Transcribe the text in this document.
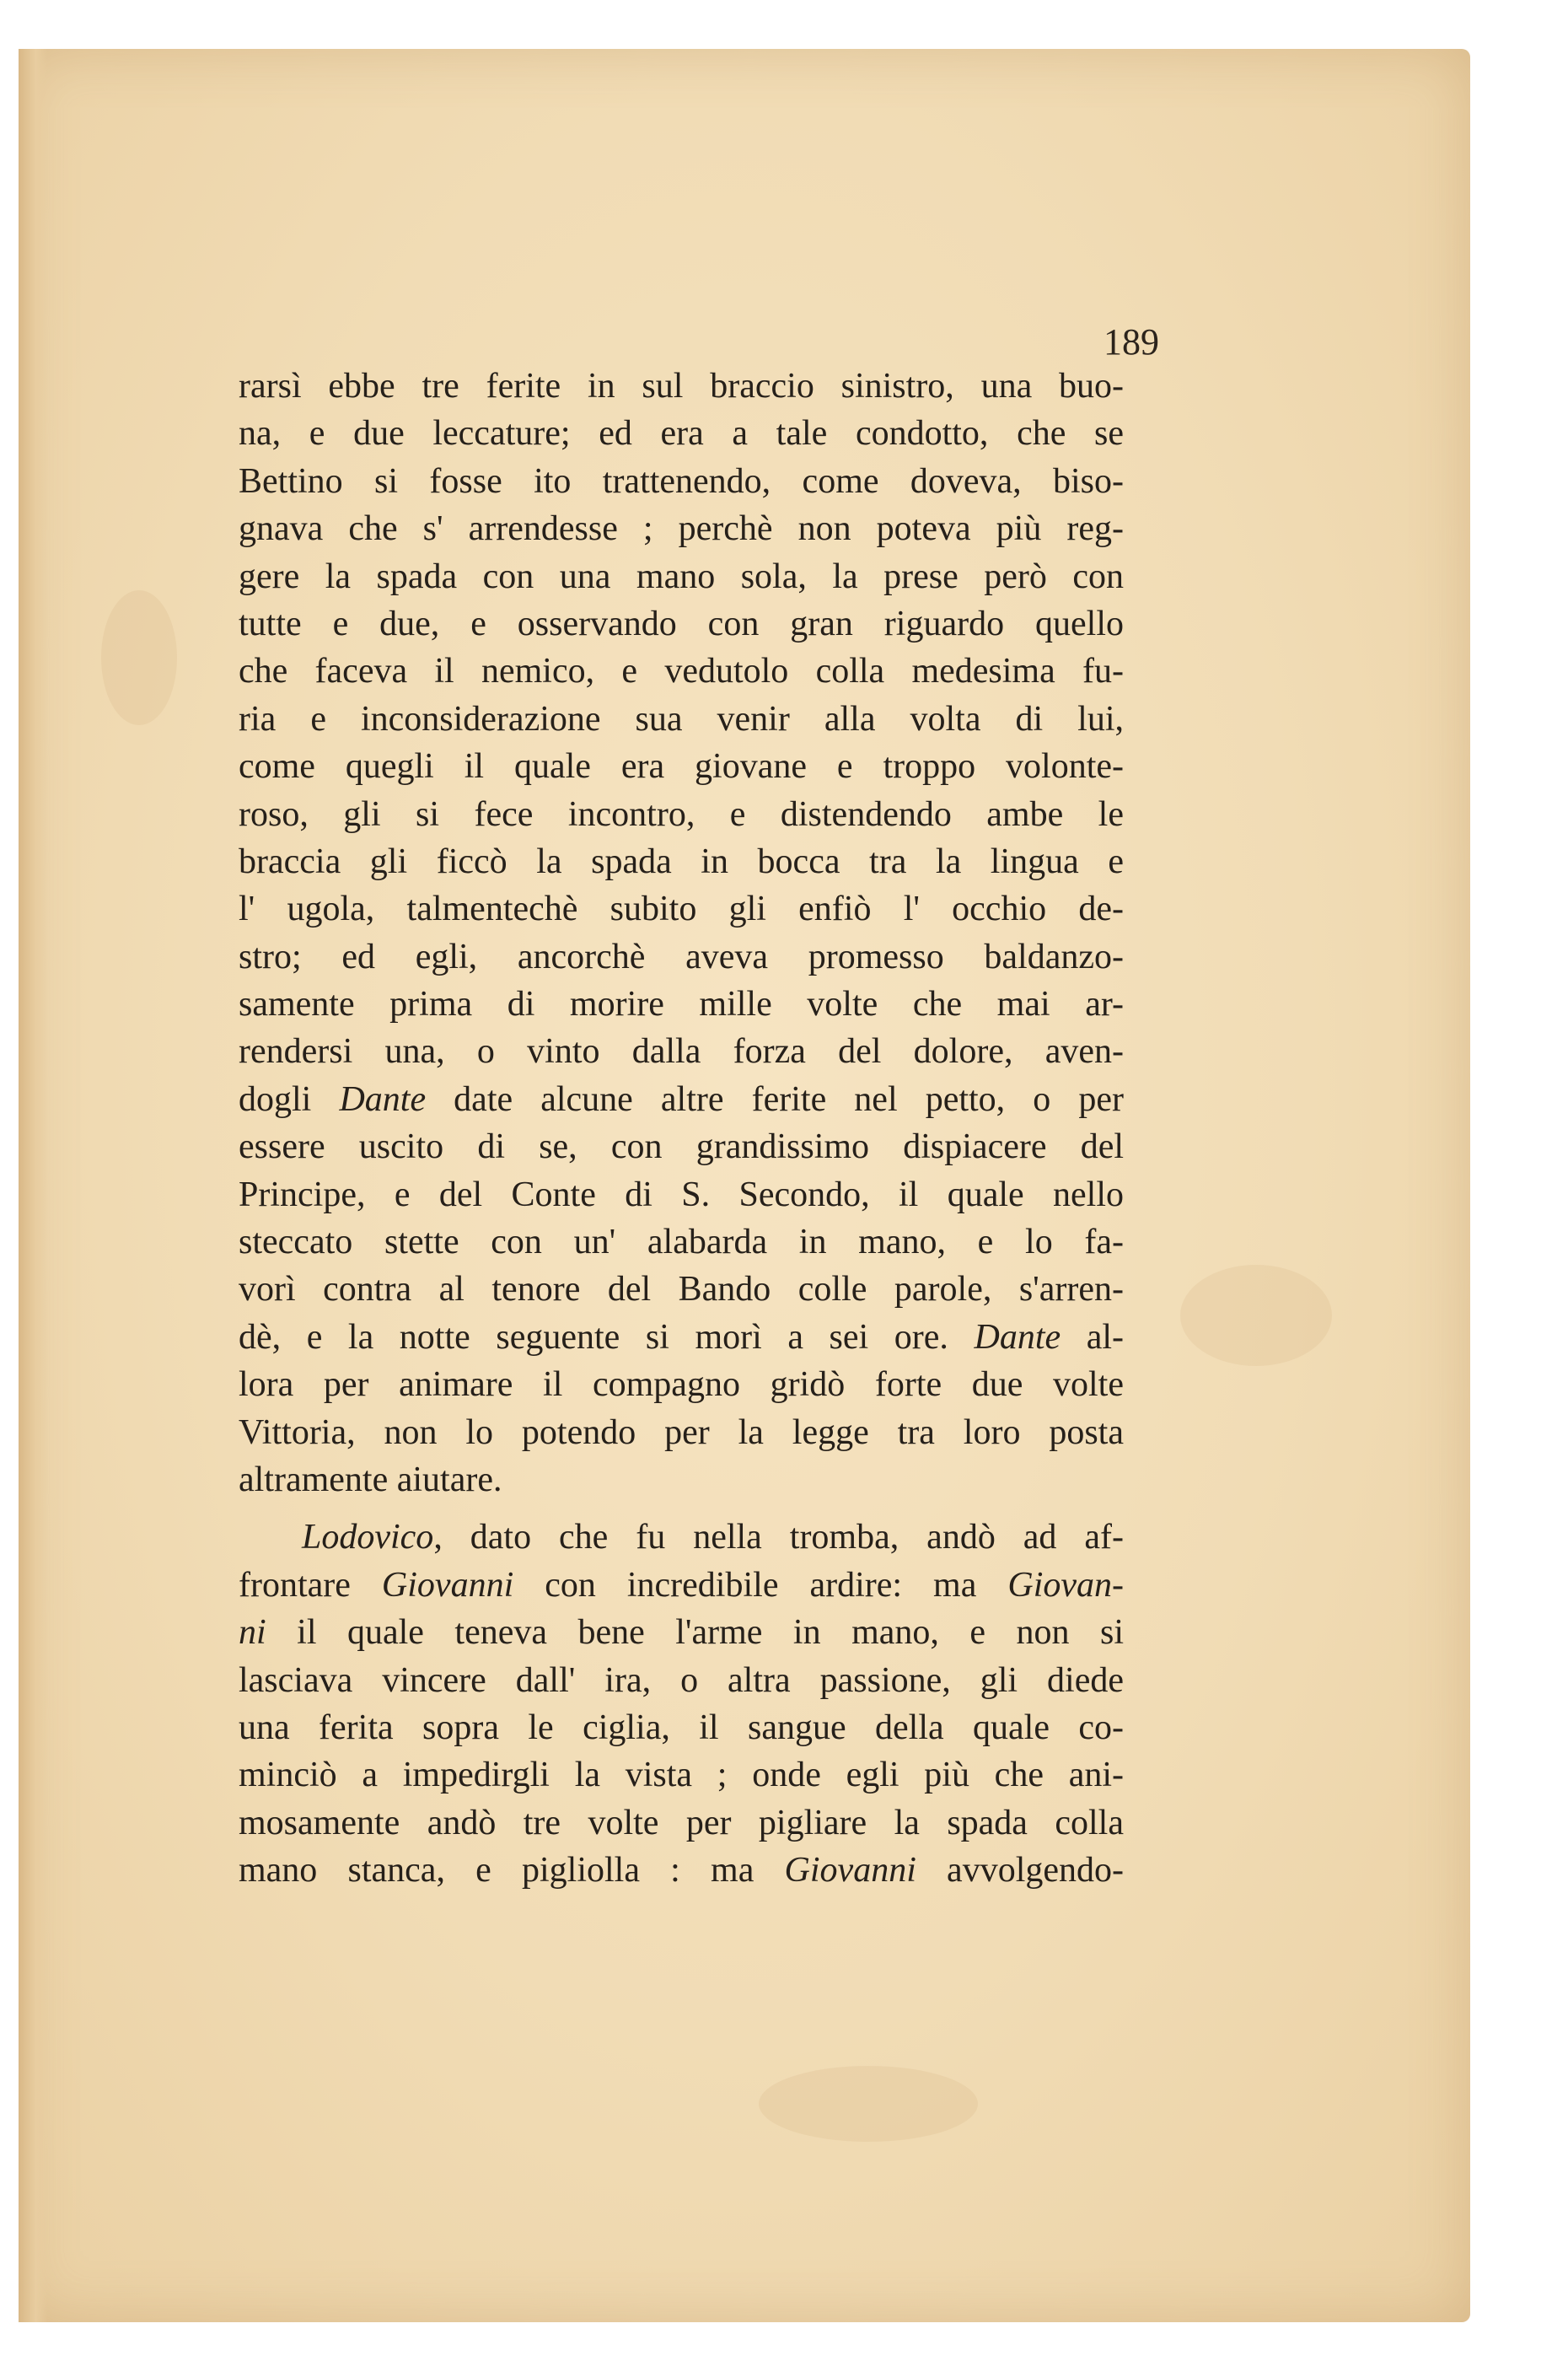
189

rarsì ebbe tre ferite in sul braccio sinistro, una buo-
na, e due leccature; ed era a tale condotto, che se
Bettino si fosse ito trattenendo, come doveva, biso-
gnava che s' arrendesse ; perchè non poteva più reg-
gere la spada con una mano sola, la prese però con
tutte e due, e osservando con gran riguardo quello
che faceva il nemico, e vedutolo colla medesima fu-
ria e inconsiderazione sua venir alla volta di lui,
come quegli il quale era giovane e troppo volonte-
roso, gli si fece incontro, e distendendo ambe le
braccia gli ficcò la spada in bocca tra la lingua e
l' ugola, talmentechè subito gli enfiò l' occhio de-
stro; ed egli, ancorchè aveva promesso baldanzo-
samente prima di morire mille volte che mai ar-
rendersi una, o vinto dalla forza del dolore, aven-
dogli Dante date alcune altre ferite nel petto, o per
essere uscito di se, con grandissimo dispiacere del
Principe, e del Conte di S. Secondo, il quale nello
steccato stette con un' alabarda in mano, e lo fa-
vorì contra al tenore del Bando colle parole, s'arren-
dè, e la notte seguente si morì a sei ore. Dante al-
lora per animare il compagno gridò forte due volte
Vittoria, non lo potendo per la legge tra loro posta
altramente aiutare.

Lodovico, dato che fu nella tromba, andò ad af-
frontare Giovanni con incredibile ardire: ma Giovan-
ni il quale teneva bene l'arme in mano, e non si
lasciava vincere dall' ira, o altra passione, gli diede
una ferita sopra le ciglia, il sangue della quale co-
minciò a impedirgli la vista ; onde egli più che ani-
mosamente andò tre volte per pigliare la spada colla
mano stanca, e pigliolla : ma Giovanni avvolgendo-
